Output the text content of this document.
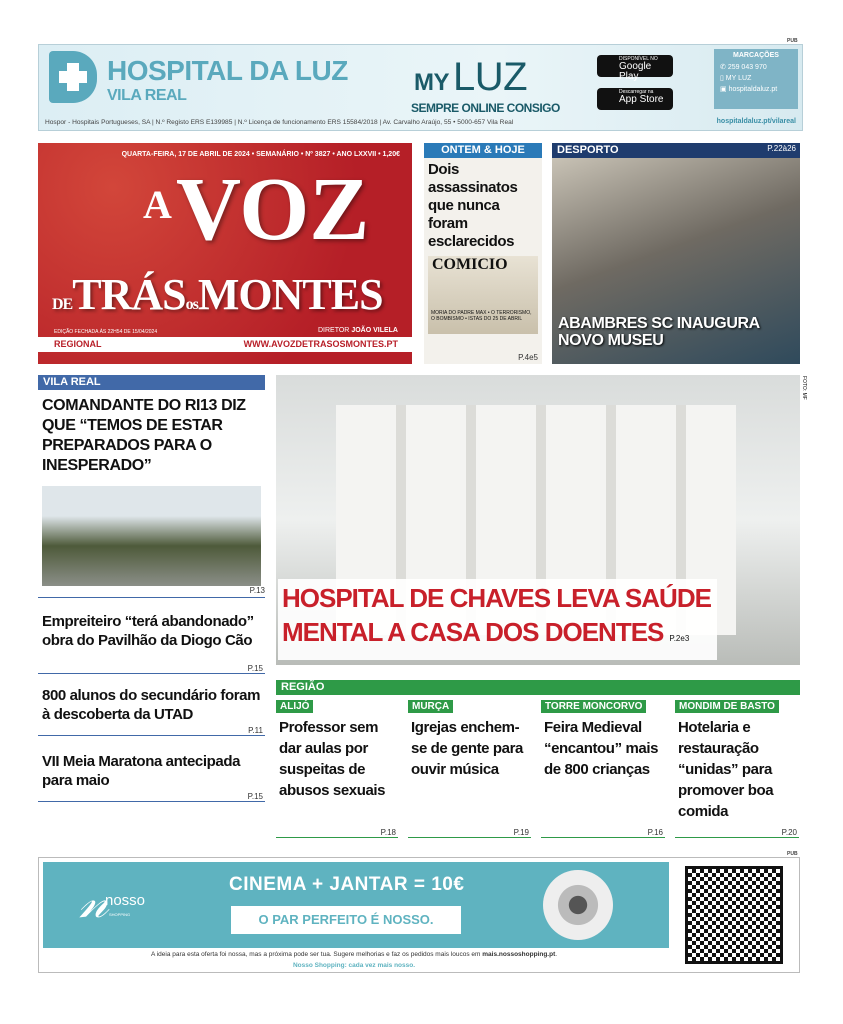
PUB
HOSPITAL DA LUZ
VILA REAL	MY LUZ
SEMPRE ONLINE CONSIGO
DISPONÍVEL NO
Google Play
Descarregar na
App Store
MARCAÇÕES
✆ 259 043 970
▯ MY LUZ
▣ hospitaldaluz.pt
Hospor - Hospitais Portugueses, SA | N.º Registo ERS E139985 | N.º Licença de funcionamento ERS 15584/2018 | Av. Carvalho Araújo, 55 • 5000-657 Vila Real	hospitaldaluz.pt/vilareal
QUARTA-FEIRA, 17 DE ABRIL DE 2024 • SEMANÁRIO • Nº 3827 • ANO LXXVII • 1,20€
A VOZ
DETRÁSosMONTES
EDIÇÃO FECHADA ÀS 22H54 DE 15/04/2024	DIRETOR JOÃO VILELA
REGIONAL	WWW.AVOZDETRASOSMONTES.PT
ONTEM & HOJE
Dois assassinatos que nunca foram esclarecidos
COMICIO
MORIA DO PADRE MAX • O TERRORISMO, O BOMBISMO • ISTAS DO 25 DE ABRIL
P.4e5
DESPORTO	P.22à26
ABAMBRES SC INAUGURA NOVO MUSEU
VILA REAL
COMANDANTE DO RI13 DIZ QUE “TEMOS DE ESTAR PREPARADOS PARA O INESPERADO”
P.13
Empreiteiro “terá abandonado” obra do Pavilhão da Diogo Cão
P.15
800 alunos do secundário foram à descoberta da UTAD
P.11
VII Meia Maratona antecipada para maio
P.15
HOSPITAL DE CHAVES LEVA SAÚDE
MENTAL A CASA DOS DOENTES P.2e3
FOTO: MF
REGIÃO
ALIJÓ
Professor sem dar aulas por suspeitas de abusos sexuais
P.18
MURÇA
Igrejas enchem-se de gente para ouvir música
P.19
TORRE MONCORVO
Feira Medieval “encantou” mais de 800 crianças
P.16
MONDIM DE BASTO
Hotelaria e restauração “unidas” para promover boa comida
P.20
PUB
𝓃
nosso
SHOPPING
CINEMA + JANTAR = 10€
O PAR PERFEITO É NOSSO.
A ideia para esta oferta foi nossa, mas a próxima pode ser tua. Sugere melhorias e faz os pedidos mais loucos em mais.nossoshopping.pt.
Nosso Shopping: cada vez mais nosso.
